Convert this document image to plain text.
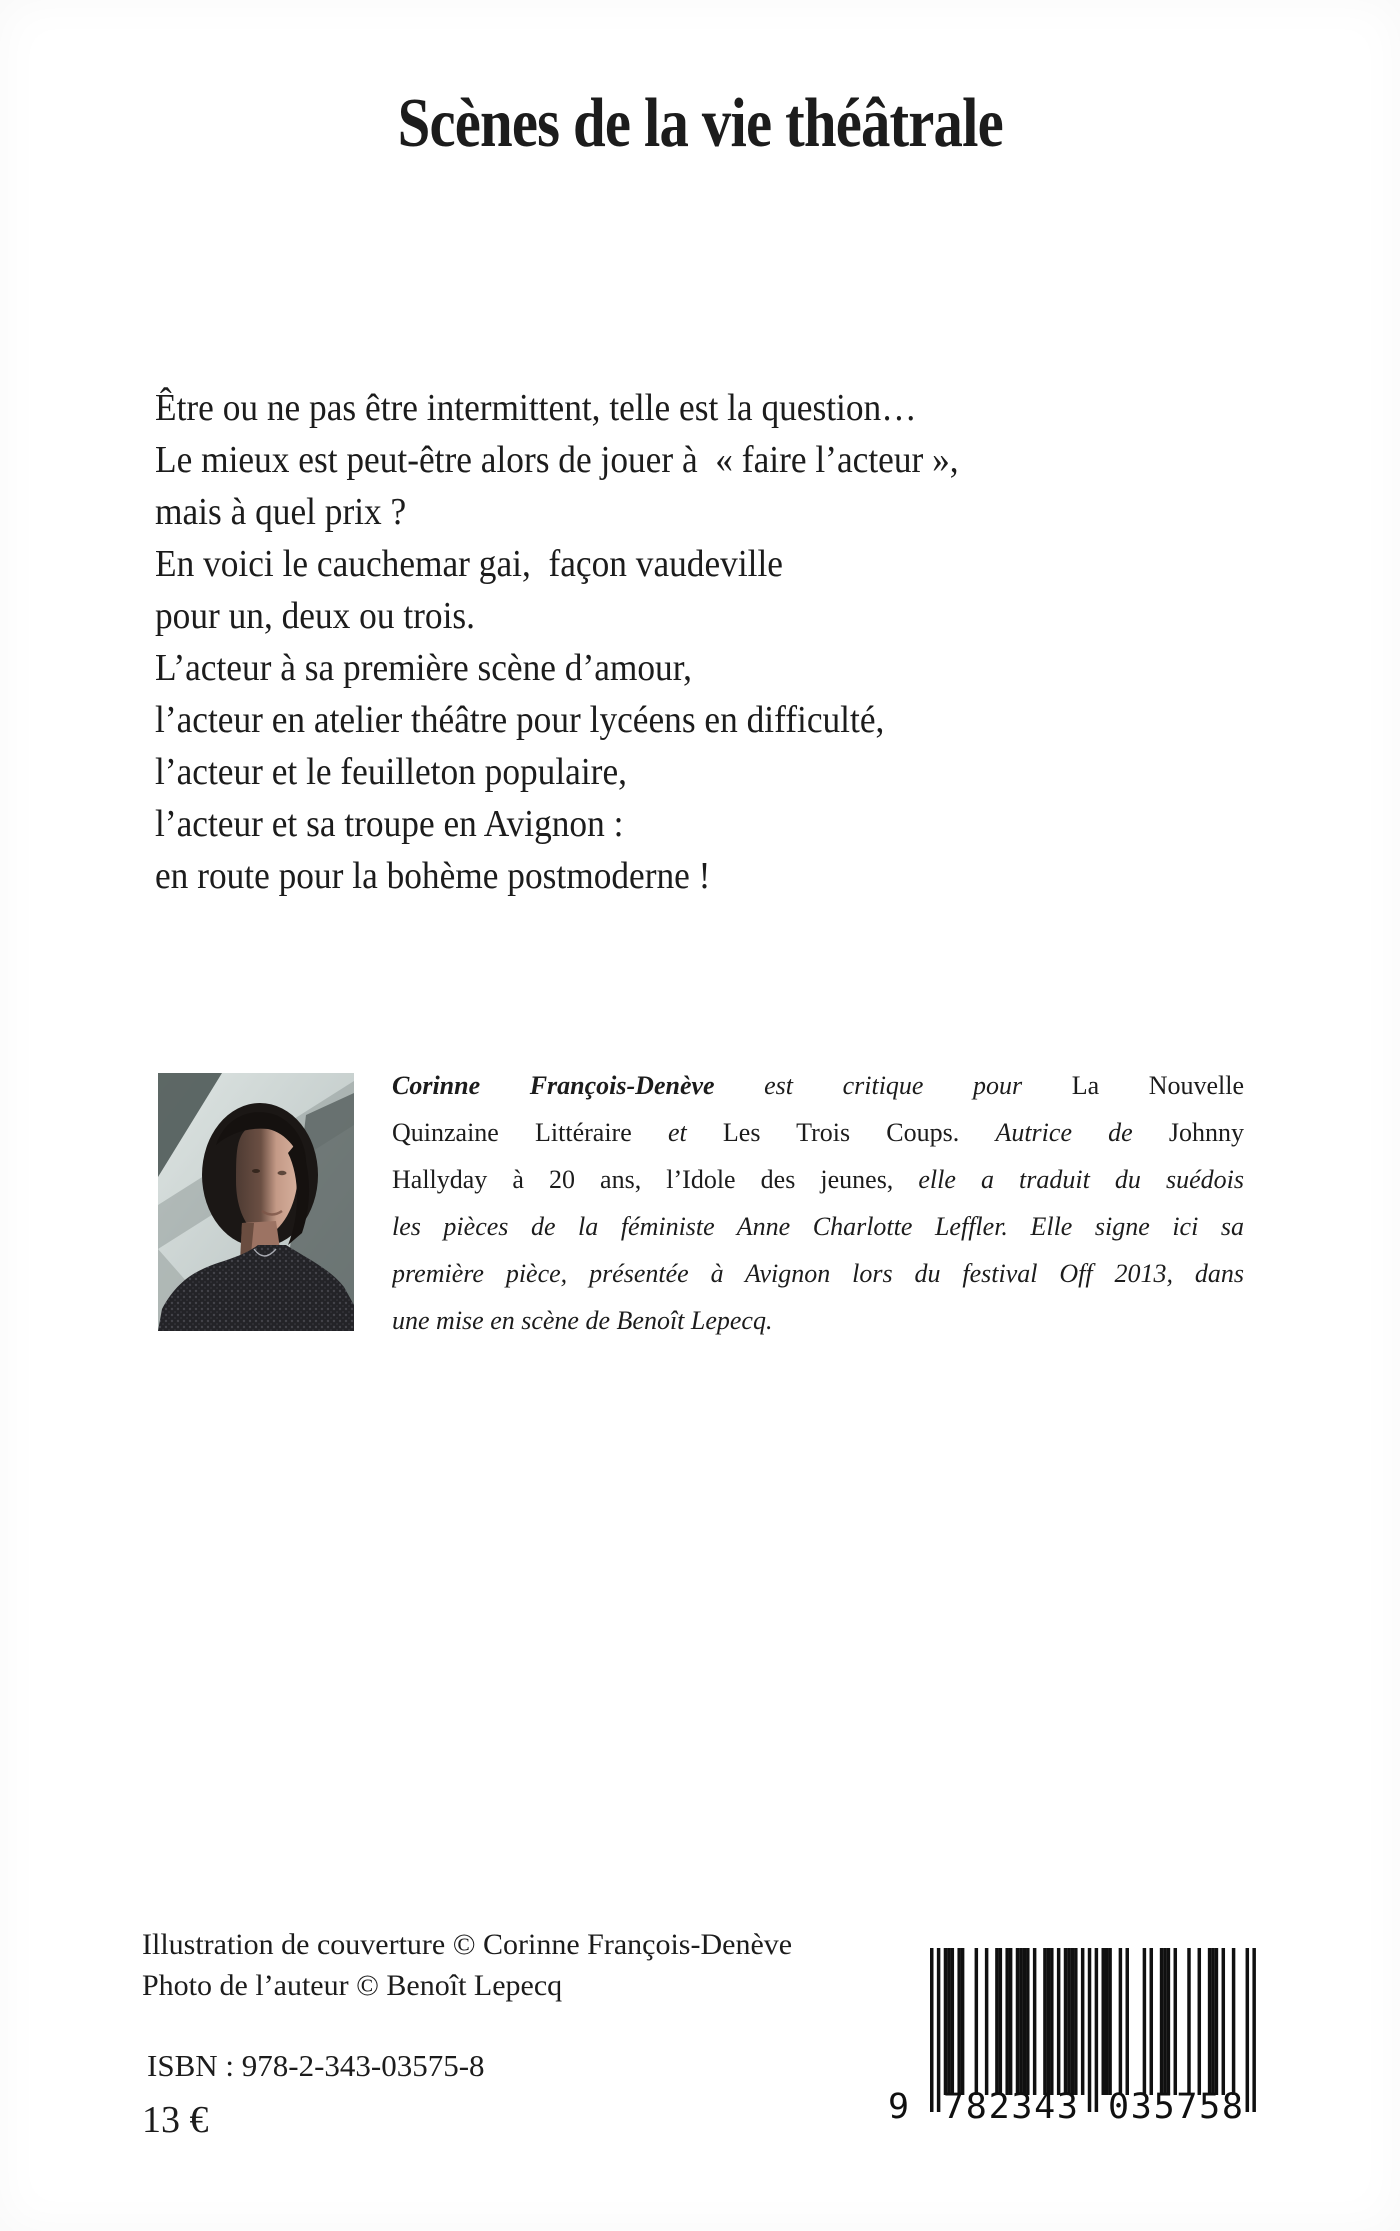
Scènes de la vie théâtrale
Être ou ne pas être intermittent, telle est la question…
Le mieux est peut-être alors de jouer à  « faire l’acteur »,
mais à quel prix ?
En voici le cauchemar gai,  façon vaudeville
pour un, deux ou trois.
L’acteur à sa première scène d’amour,
l’acteur en atelier théâtre pour lycéens en difficulté,
l’acteur et le feuilleton populaire,
l’acteur et sa troupe en Avignon :
en route pour la bohème postmoderne !
Corinne François-Denève est critique pour La Nouvelle
Quinzaine Littéraire et Les Trois Coups. Autrice de Johnny
Hallyday à 20 ans, l’Idole des jeunes, elle a traduit du suédois
les pièces de la féministe Anne Charlotte Leffler. Elle signe ici sa
première pièce, présentée à Avignon lors du festival Off 2013, dans
une mise en scène de Benoît Lepecq.
Illustration de couverture © Corinne François-Denève
Photo de l’auteur © Benoît Lepecq
ISBN : 978-2-343-03575-8
13 €	9 782343 035758
